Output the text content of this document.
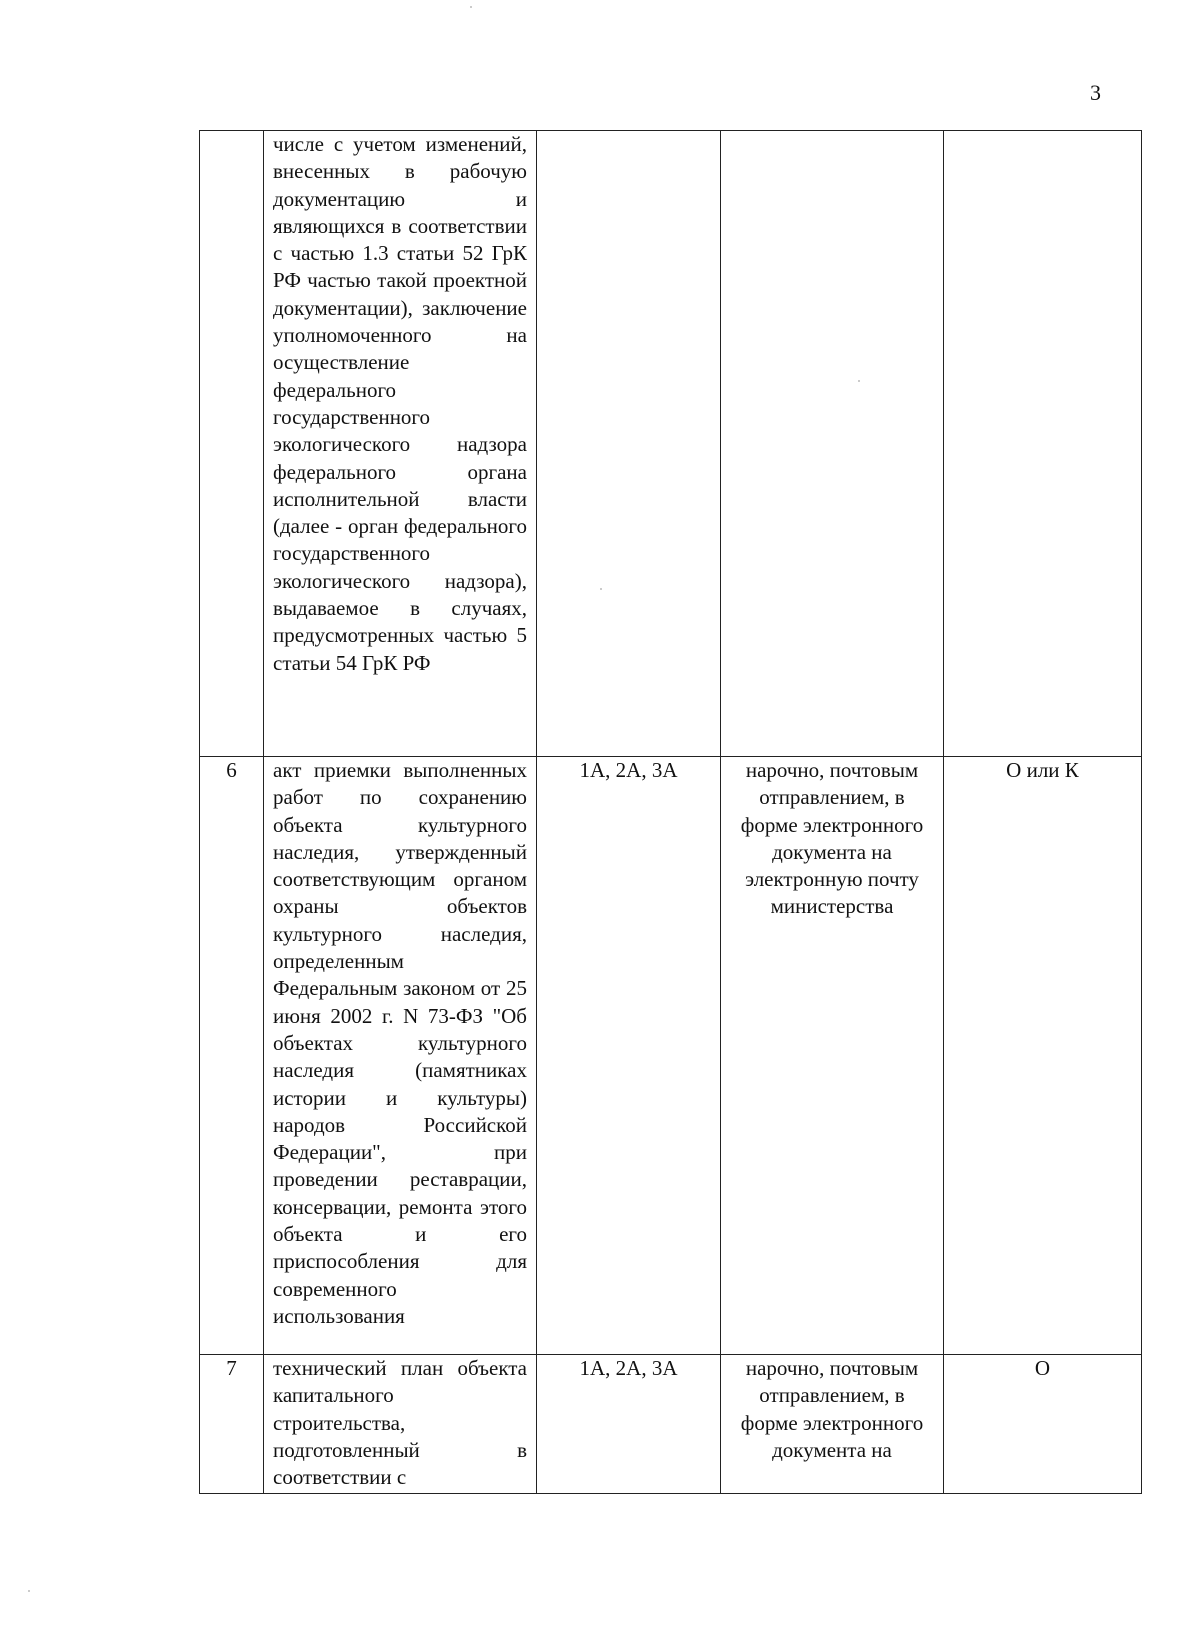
3

	числе с учетом изменений, внесенных в рабочую документацию и являющихся в соответствии с частью 1.3 статьи 52 ГрК РФ частью такой проектной документации), заключение уполномоченного на осуществление федерального государственного экологического надзора федерального органа исполнительной власти (далее - орган федерального государственного экологического надзора), выдаваемое в случаях, предусмотренных частью 5 статьи 54 ГрК РФ			

6	акт приемки выполненных работ по сохранению объекта культурного наследия, утвержденный соответствующим органом охраны объектов культурного наследия, определенным Федеральным законом от 25 июня 2002 г. N 73-ФЗ "Об объектах культурного наследия (памятниках истории и культуры) народов Российской Федерации", при проведении реставрации, консервации, ремонта этого объекта и его приспособления для современного использования	1А, 2А, 3А	нарочно, почтовым отправлением, в форме электронного документа на электронную почту министерства	О или К
7	технический план объекта капитального строительства, подготовленный в соответствии с	1А, 2А, 3А	нарочно, почтовым отправлением, в форме электронного документа на	О
